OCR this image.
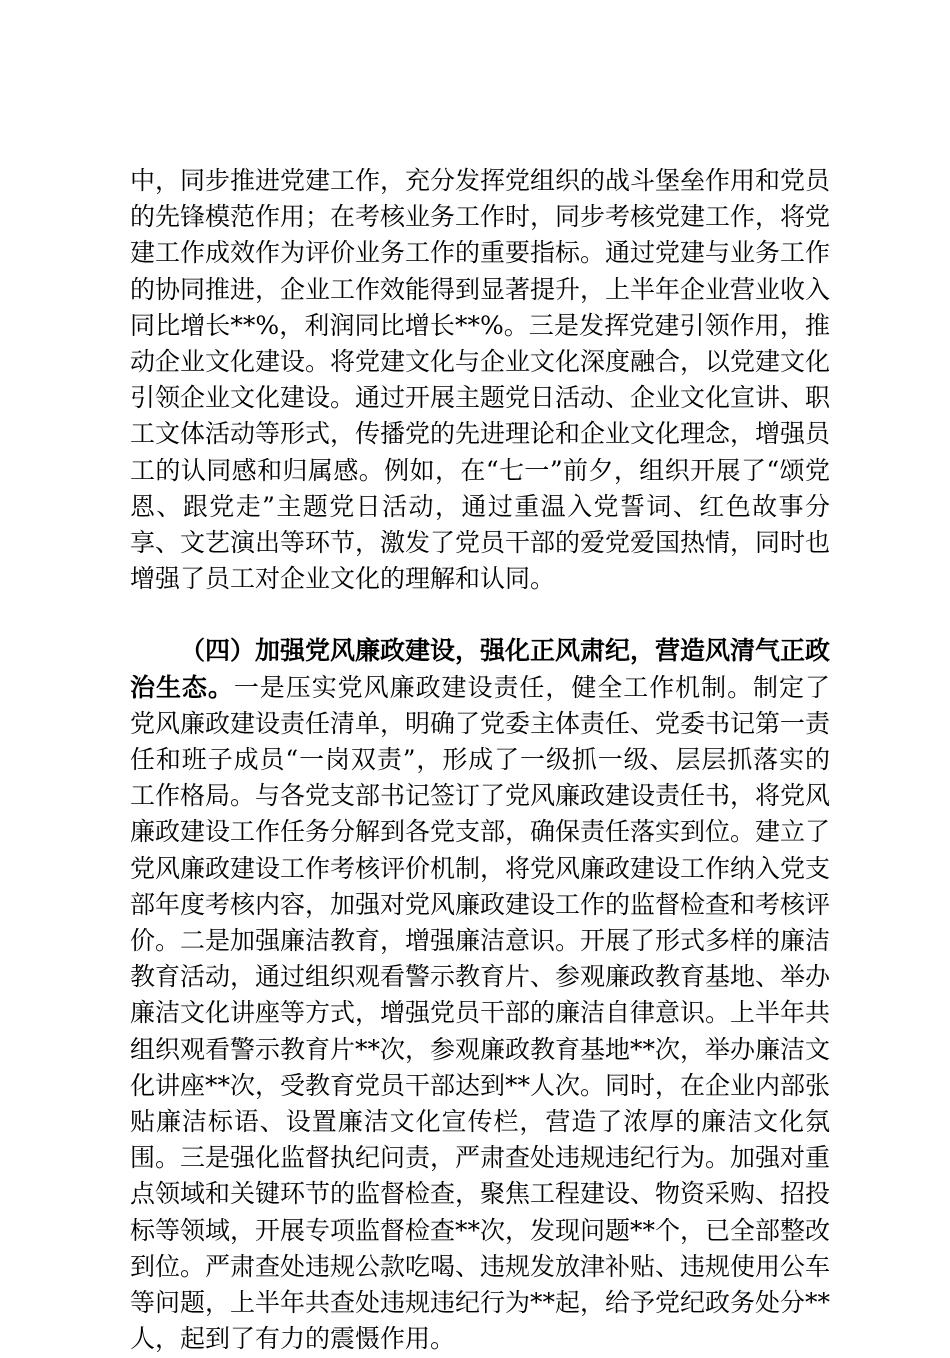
中，同步推进党建工作，充分发挥党组织的战斗堡垒作用和党员的先锋模范作用；在考核业务工作时，同步考核党建工作，将党建工作成效作为评价业务工作的重要指标。通过党建与业务工作的协同推进，企业工作效能得到显著提升，上半年企业营业收入同比增长**%，利润同比增长**%。三是发挥党建引领作用，推动企业文化建设。将党建文化与企业文化深度融合，以党建文化引领企业文化建设。通过开展主题党日活动、企业文化宣讲、职工文体活动等形式，传播党的先进理论和企业文化理念，增强员工的认同感和归属感。例如，在“七一”前夕，组织开展了“颂党恩、跟党走”主题党日活动，通过重温入党誓词、红色故事分享、文艺演出等环节，激发了党员干部的爱党爱国热情，同时也增强了员工对企业文化的理解和认同。

（四）加强党风廉政建设，强化正风肃纪，营造风清气正政治生态。一是压实党风廉政建设责任，健全工作机制。制定了党风廉政建设责任清单，明确了党委主体责任、党委书记第一责任和班子成员“一岗双责”，形成了一级抓一级、层层抓落实的工作格局。与各党支部书记签订了党风廉政建设责任书，将党风廉政建设工作任务分解到各党支部，确保责任落实到位。建立了党风廉政建设工作考核评价机制，将党风廉政建设工作纳入党支部年度考核内容，加强对党风廉政建设工作的监督检查和考核评价。二是加强廉洁教育，增强廉洁意识。开展了形式多样的廉洁教育活动，通过组织观看警示教育片、参观廉政教育基地、举办廉洁文化讲座等方式，增强党员干部的廉洁自律意识。上半年共组织观看警示教育片**次，参观廉政教育基地**次，举办廉洁文化讲座**次，受教育党员干部达到**人次。同时，在企业内部张贴廉洁标语、设置廉洁文化宣传栏，营造了浓厚的廉洁文化氛围。三是强化监督执纪问责，严肃查处违规违纪行为。加强对重点领域和关键环节的监督检查，聚焦工程建设、物资采购、招投标等领域，开展专项监督检查**次，发现问题**个，已全部整改到位。严肃查处违规公款吃喝、违规发放津补贴、违规使用公车等问题，上半年共查处违规违纪行为**起，给予党纪政务处分**人，起到了有力的震慑作用。
